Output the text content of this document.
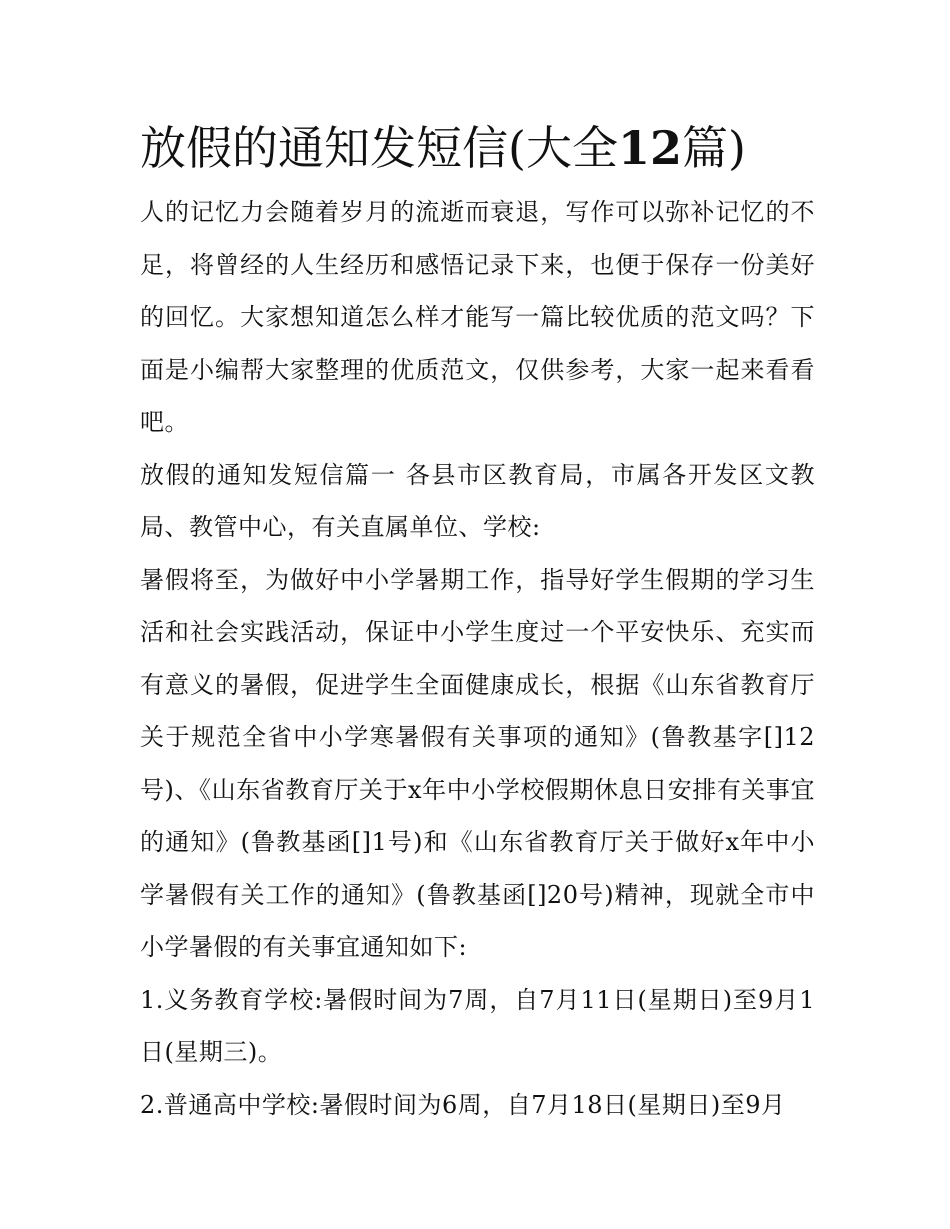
放假的通知发短信(大全12篇)

人的记忆力会随着岁月的流逝而衰退，写作可以弥补记忆的不足，将曾经的人生经历和感悟记录下来，也便于保存一份美好的回忆。大家想知道怎么样才能写一篇比较优质的范文吗？下面是小编帮大家整理的优质范文，仅供参考，大家一起来看看吧。

放假的通知发短信篇一 各县市区教育局，市属各开发区文教局、教管中心，有关直属单位、学校:

暑假将至，为做好中小学暑期工作，指导好学生假期的学习生活和社会实践活动，保证中小学生度过一个平安快乐、充实而有意义的暑假，促进学生全面健康成长，根据《山东省教育厅关于规范全省中小学寒暑假有关事项的通知》(鲁教基字[]12号)、《山东省教育厅关于x年中小学校假期休息日安排有关事宜的通知》(鲁教基函[]1号)和《山东省教育厅关于做好x年中小学暑假有关工作的通知》(鲁教基函[]20号)精神，现就全市中小学暑假的有关事宜通知如下:

1.义务教育学校:暑假时间为7周，自7月11日(星期日)至9月1日(星期三)。

2.普通高中学校:暑假时间为6周，自7月18日(星期日)至9月
